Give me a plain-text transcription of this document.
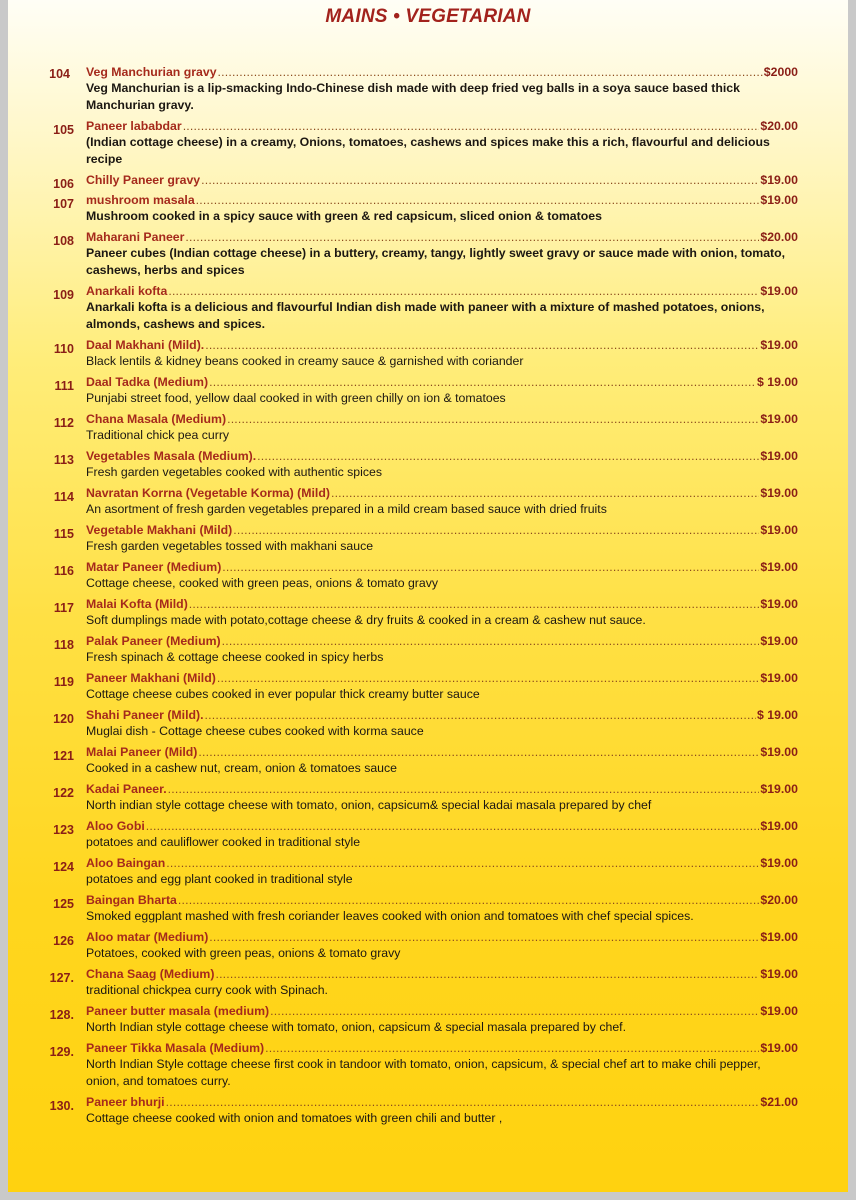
MAINS • VEGETARIAN
104 Veg Manchurian gravy .....	$2000
Veg Manchurian is a lip-smacking Indo-Chinese dish made with deep fried veg balls in a soya sauce based thick Manchurian gravy.
105 Paneer lababdar .....	$20.00
(Indian cottage cheese) in a creamy, Onions, tomatoes, cashews and spices make this a rich, flavourful and delicious recipe
106 Chilly Paneer gravy .....	$19.00
107 mushroom masala .....	$19.00
Mushroom cooked in a spicy sauce with green & red capsicum, sliced onion & tomatoes
108 Maharani Paneer .....	$20.00
Paneer cubes (Indian cottage cheese) in a buttery, creamy, tangy, lightly sweet gravy or sauce made with onion, tomato, cashews, herbs and spices
109 Anarkali kofta .....	$19.00
Anarkali kofta is a delicious and flavourful Indian dish made with paneer with a mixture of mashed potatoes, onions, almonds, cashews and spices.
110 Daal Makhani (Mild). .....	$19.00
Black lentils & kidney beans cooked in creamy sauce & garnished with coriander
111 Daal Tadka (Medium) .....	$ 19.00
Punjabi street food, yellow daal cooked in with green chilly on ion & tomatoes
112 Chana Masala (Medium) .....	$19.00
Traditional chick pea curry
113 Vegetables Masala (Medium). .....	$19.00
Fresh garden vegetables cooked with authentic spices
114 Navratan Korrna (Vegetable Korma) (Mild) .....	$19.00
An asortment of fresh garden vegetables prepared in a mild cream based sauce with dried fruits
115 Vegetable Makhani (Mild) .....	$19.00
Fresh garden vegetables tossed with makhani sauce
116 Matar Paneer (Medium) .....	$19.00
Cottage cheese, cooked with green peas, onions & tomato gravy
117 Malai Kofta (Mild) .....	$19.00
Soft dumplings made with potato,cottage cheese & dry fruits & cooked in a cream & cashew nut sauce.
118 Palak Paneer (Medium) .....	$19.00
Fresh spinach & cottage cheese cooked in spicy herbs
119 Paneer Makhani (Mild) .....	$19.00
Cottage cheese cubes cooked in ever popular thick creamy butter sauce
120 Shahi Paneer (Mild). .....	$ 19.00
Muglai dish - Cottage cheese cubes cooked with korma sauce
121 Malai Paneer (Mild) .....	$19.00
Cooked in a cashew nut, cream, onion & tomatoes sauce
122 Kadai Paneer. .....	$19.00
North indian style cottage cheese with tomato, onion, capsicum& special kadai masala prepared by chef
123 Aloo Gobi .....	$19.00
potatoes and cauliflower cooked in traditional style
124 Aloo Baingan .....	$19.00
potatoes and egg plant cooked in traditional style
125 Baingan Bharta .....	$20.00
Smoked eggplant mashed with fresh coriander leaves cooked with onion and tomatoes with chef special spices.
126 Aloo matar (Medium) .....	$19.00
Potatoes, cooked with green peas, onions & tomato gravy
127. Chana Saag (Medium) .....	$19.00
traditional chickpea curry cook with Spinach.
128. Paneer butter masala (medium) .....	$19.00
North Indian style cottage cheese with tomato, onion, capsicum & special masala prepared by chef.
129. Paneer Tikka Masala (Medium) .....	$19.00
North Indian Style cottage cheese first cook in tandoor with tomato, onion, capsicum, & special chef art to make chili pepper, onion, and tomatoes curry.
130. Paneer bhurji .....	$21.00
Cottage cheese cooked with onion and tomatoes with green chili and butter ,
